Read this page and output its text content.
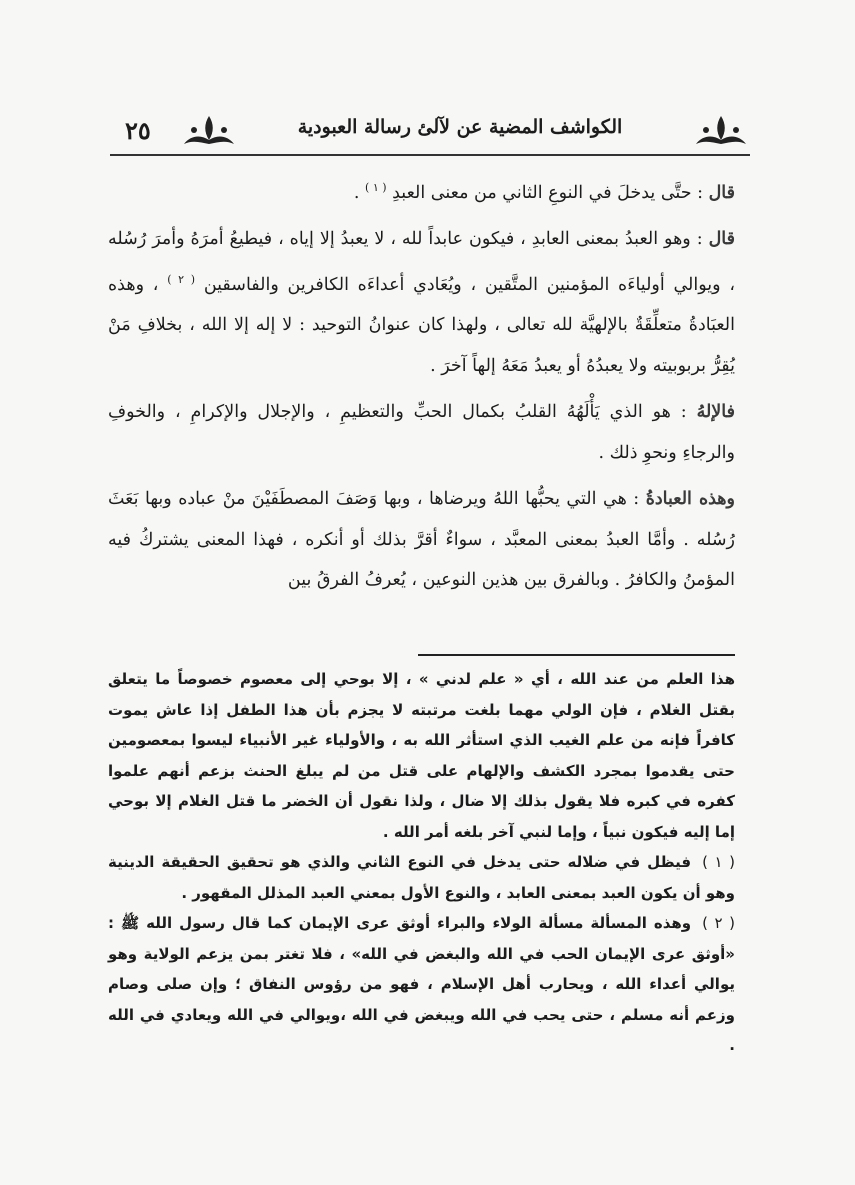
٢٥	الكواشف المضية عن لآلئ رسالة العبودية

قال : حتَّى يدخلَ في النوعِ الثاني من معنى العبدِ $^{( ١ )}$ .

قال : وهو العبدُ بمعنى العابدِ ، فيكون عابداً لله ، لا يعبدُ إلا إياه ، فيطيعُ أمرَهُ وأمرَ رُسُله ، ويوالي أولياءَه المؤمنين المتَّقين ، ويُعَادي أعداءَه الكافرين والفاسقين $^{( ٢ )}$ ، وهذه العبَادةُ متعلِّقَةٌ بالإلهيَّة لله تعالى ، ولهذا كان عنوانُ التوحيد : لا إله إلا الله ، بخلافِ مَنْ يُقِرُّ بربوبيته ولا يعبدُهُ أو يعبدُ مَعَهُ إلهاً آخرَ .

فالإلهُ : هو الذي يَأْلَهُهُ القلبُ بكمال الحبِّ والتعظيمِ ، والإجلال والإكرامِ ، والخوفِ والرجاءِ ونحوِ ذلك .

وهذه العبادةُ : هي التي يحبُّها اللهُ ويرضاها ، وبها وَصَفَ المصطَفَيْنَ منْ عباده وبها بَعَثَ رُسُله . وأمَّا العبدُ بمعنى المعبَّد ، سواءٌ أقرَّ بذلك أو أنكره ، فهذا المعنى يشتركُ فيه المؤمنُ والكافرُ . وبالفرق بين هذين النوعين ، يُعرفُ الفرقُ بين

هذا العلم من عند الله ، أي « علم لدني » ، إلا بوحي إلى معصوم خصوصاً ما يتعلق بقتل الغلام ، فإن الولي مهما بلغت مرتبته لا يجزم بأن هذا الطفل إذا عاش يموت كافراً فإنه من علم الغيب الذي استأثر الله به ، والأولياء غير الأنبياء ليسوا بمعصومين حتى يقدموا بمجرد الكشف والإلهام على قتل من لم يبلغ الحنث بزعم أنهم علموا كفره في كبره فلا يقول بذلك إلا ضال ، ولذا نقول أن الخضر ما قتل الغلام إلا بوحي إما إليه فيكون نبياً ، وإما لنبي آخر بلغه أمر الله .

( ١ ) فيظل في ضلاله حتى يدخل في النوع الثاني والذي هو تحقيق الحقيقة الدينية وهو أن يكون العبد بمعنى العابد ، والنوع الأول بمعني العبد المذلل المقهور .

( ٢ ) وهذه المسألة مسألة الولاء والبراء أوثق عرى الإيمان كما قال رسول الله ﷺ : «أوثق عرى الإيمان الحب في الله والبغض في الله» ، فلا تغتر بمن يزعم الولاية وهو يوالي أعداء الله ، ويحارب أهل الإسلام ، فهو من رؤوس النفاق ؛ وإن صلى وصام وزعم أنه مسلم ، حتى يحب في الله ويبغض في الله ،ويوالي في الله ويعادي في الله .
